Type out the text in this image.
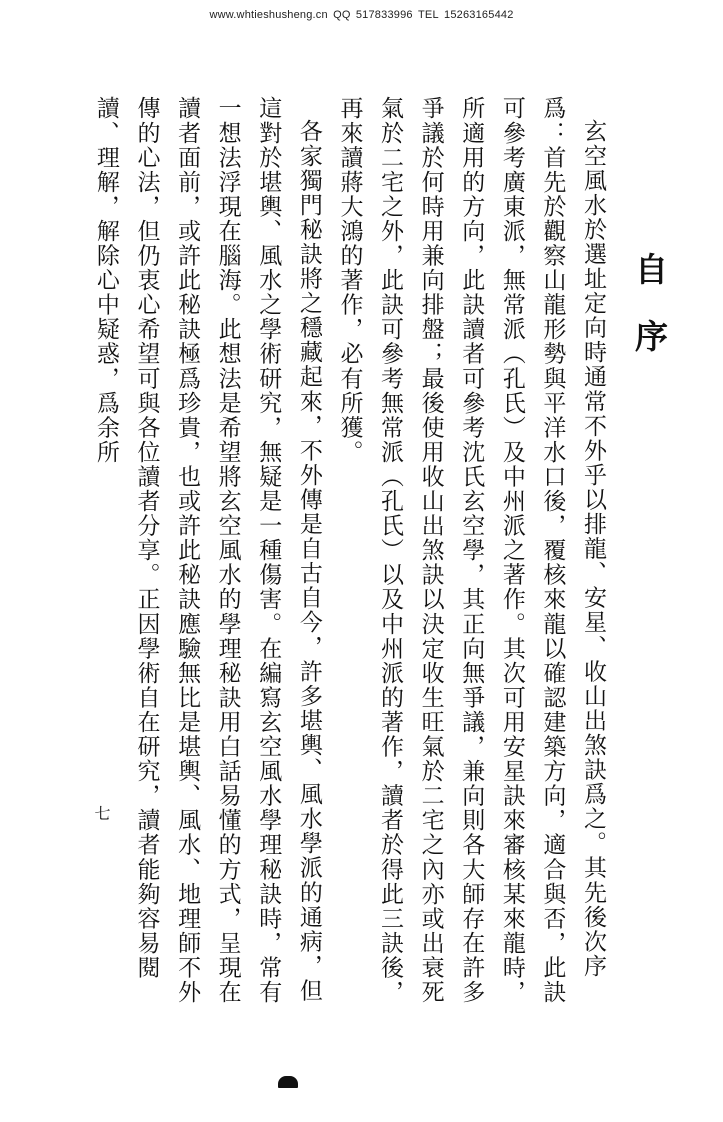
www.whtieshusheng.cn QQ 517833996 TEL 15263165442
自序

玄空風水於選址定向時通常不外乎以排龍、安星、收山出煞訣爲之。其先後次序爲：首先於觀察山龍形勢與平洋水口後，覆核來龍以確認建築方向，適合與否，此訣可參考廣東派，無常派（孔氏）及中州派之著作。其次可用安星訣來審核某來龍時，所適用的方向，此訣讀者可參考沈氏玄空學，其正向無爭議，兼向則各大師存在許多爭議於何時用兼向排盤；最後使用收山出煞訣以決定收生旺氣於二宅之內亦或出衰死氣於二宅之外，此訣可參考無常派（孔氏）以及中州派的著作，讀者於得此三訣後，再來讀蔣大鴻的著作，必有所獲。

各家獨門秘訣將之穩藏起來，不外傳是自古自今，許多堪輿、風水學派的通病，但這對於堪輿、風水之學術研究，無疑是一種傷害。在編寫玄空風水學理秘訣時，常有一想法浮現在腦海。此想法是希望將玄空風水的學理秘訣用白話易懂的方式，呈現在讀者面前，或許此秘訣極爲珍貴，也或許此秘訣應驗無比是堪輿、風水、地理師不外傳的心法，但仍衷心希望可與各位讀者分享。正因學術自在研究，讀者能夠容易閱讀、理解，解除心中疑惑，爲余所

七
